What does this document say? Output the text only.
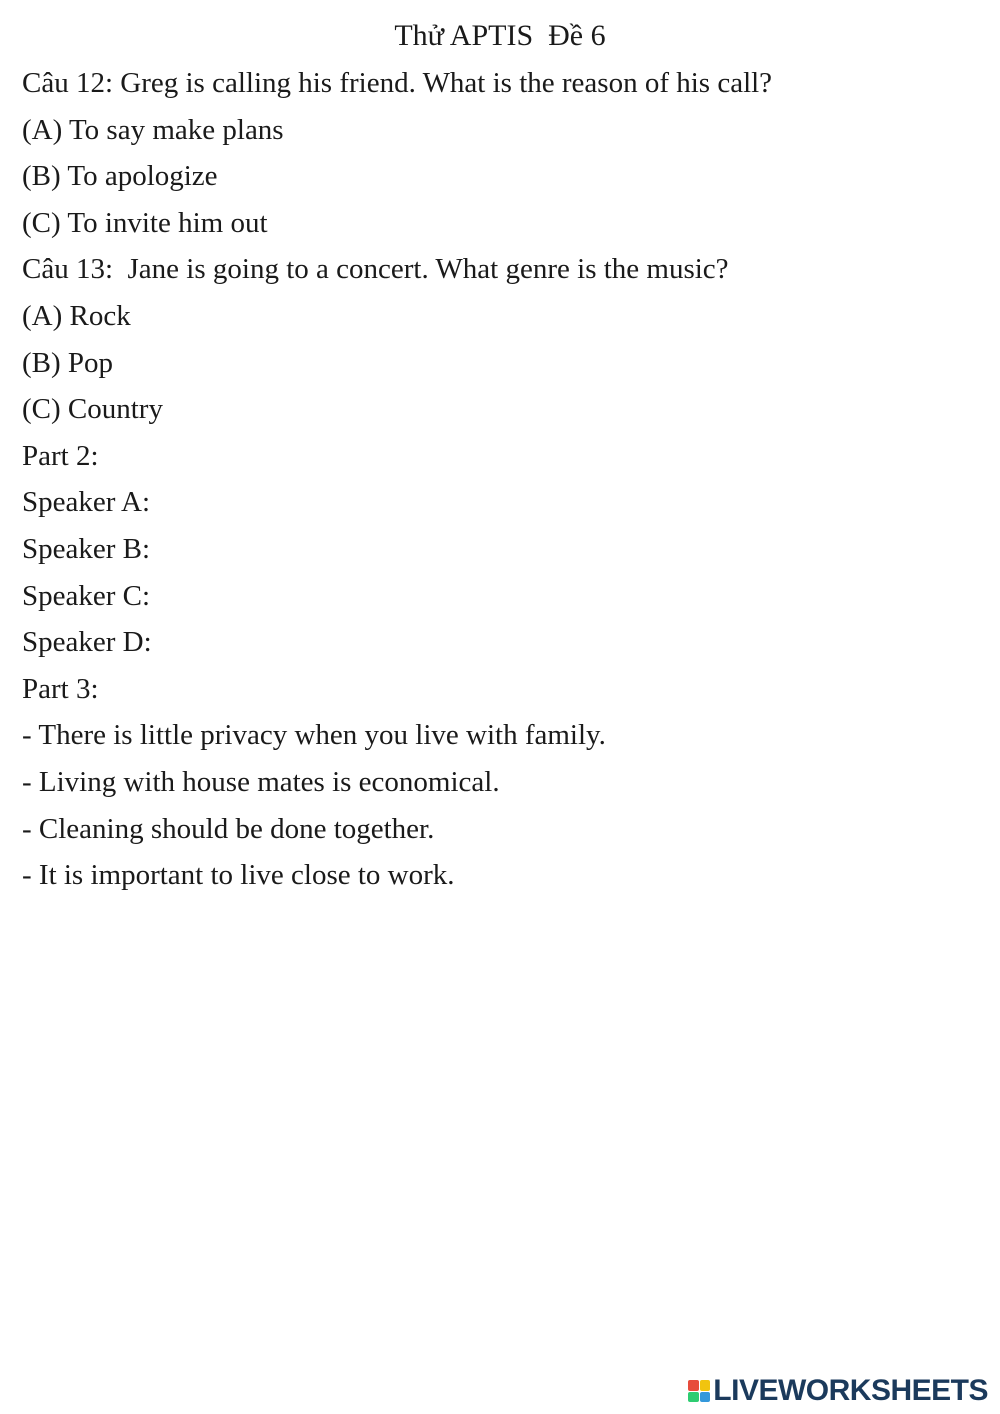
Thử APTIS  Đề 6
Câu 12: Greg is calling his friend. What is the reason of his call?
(A) To say make plans
(B) To apologize
(C) To invite him out
Câu 13:  Jane is going to a concert. What genre is the music?
(A) Rock
(B) Pop
(C) Country
Part 2:
Speaker A:
Speaker B:
Speaker C:
Speaker D:
Part 3:
- There is little privacy when you live with family.
- Living with house mates is economical.
- Cleaning should be done together.
- It is important to live close to work.
LIVEWORKSHEETS
